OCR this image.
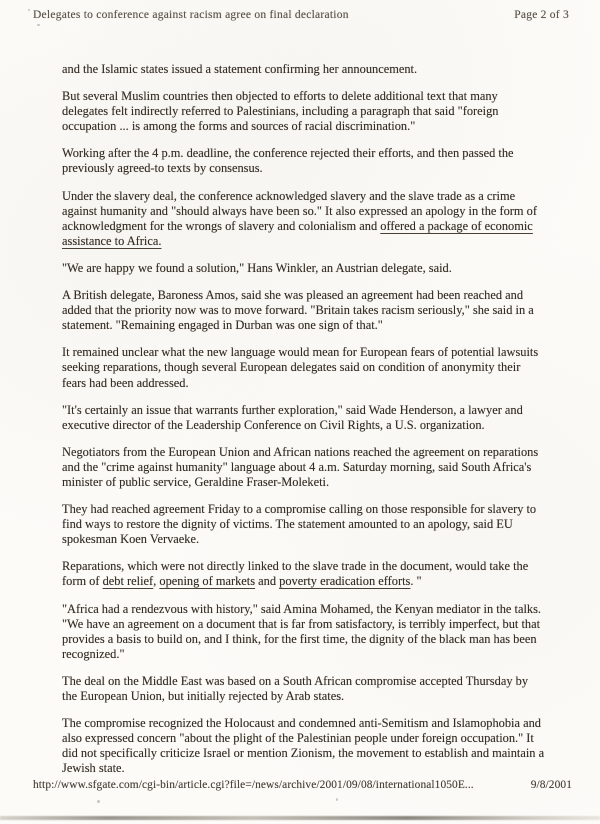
Delegates to conference against racism agree on final declaration	Page 2 of 3

and the Islamic states issued a statement confirming her announcement.

But several Muslim countries then objected to efforts to delete additional text that many delegates felt indirectly referred to Palestinians, including a paragraph that said "foreign occupation ... is among the forms and sources of racial discrimination."

Working after the 4 p.m. deadline, the conference rejected their efforts, and then passed the previously agreed-to texts by consensus.

Under the slavery deal, the conference acknowledged slavery and the slave trade as a crime against humanity and "should always have been so." It also expressed an apology in the form of acknowledgment for the wrongs of slavery and colonialism and offered a package of economic assistance to Africa.

"We are happy we found a solution," Hans Winkler, an Austrian delegate, said.

A British delegate, Baroness Amos, said she was pleased an agreement had been reached and added that the priority now was to move forward. "Britain takes racism seriously," she said in a statement. "Remaining engaged in Durban was one sign of that."

It remained unclear what the new language would mean for European fears of potential lawsuits seeking reparations, though several European delegates said on condition of anonymity their fears had been addressed.

"It's certainly an issue that warrants further exploration," said Wade Henderson, a lawyer and executive director of the Leadership Conference on Civil Rights, a U.S. organization.

Negotiators from the European Union and African nations reached the agreement on reparations and the "crime against humanity" language about 4 a.m. Saturday morning, said South Africa's minister of public service, Geraldine Fraser-Moleketi.

They had reached agreement Friday to a compromise calling on those responsible for slavery to find ways to restore the dignity of victims. The statement amounted to an apology, said EU spokesman Koen Vervaeke.

Reparations, which were not directly linked to the slave trade in the document, would take the form of debt relief, opening of markets and poverty eradication efforts. "

"Africa had a rendezvous with history," said Amina Mohamed, the Kenyan mediator in the talks. "We have an agreement on a document that is far from satisfactory, is terribly imperfect, but that provides a basis to build on, and I think, for the first time, the dignity of the black man has been recognized."

The deal on the Middle East was based on a South African compromise accepted Thursday by the European Union, but initially rejected by Arab states.

The compromise recognized the Holocaust and condemned anti-Semitism and Islamophobia and also expressed concern "about the plight of the Palestinian people under foreign occupation." It did not specifically criticize Israel or mention Zionism, the movement to establish and maintain a Jewish state.

http://www.sfgate.com/cgi-bin/article.cgi?file=/news/archive/2001/09/08/international1050E...	9/8/2001
